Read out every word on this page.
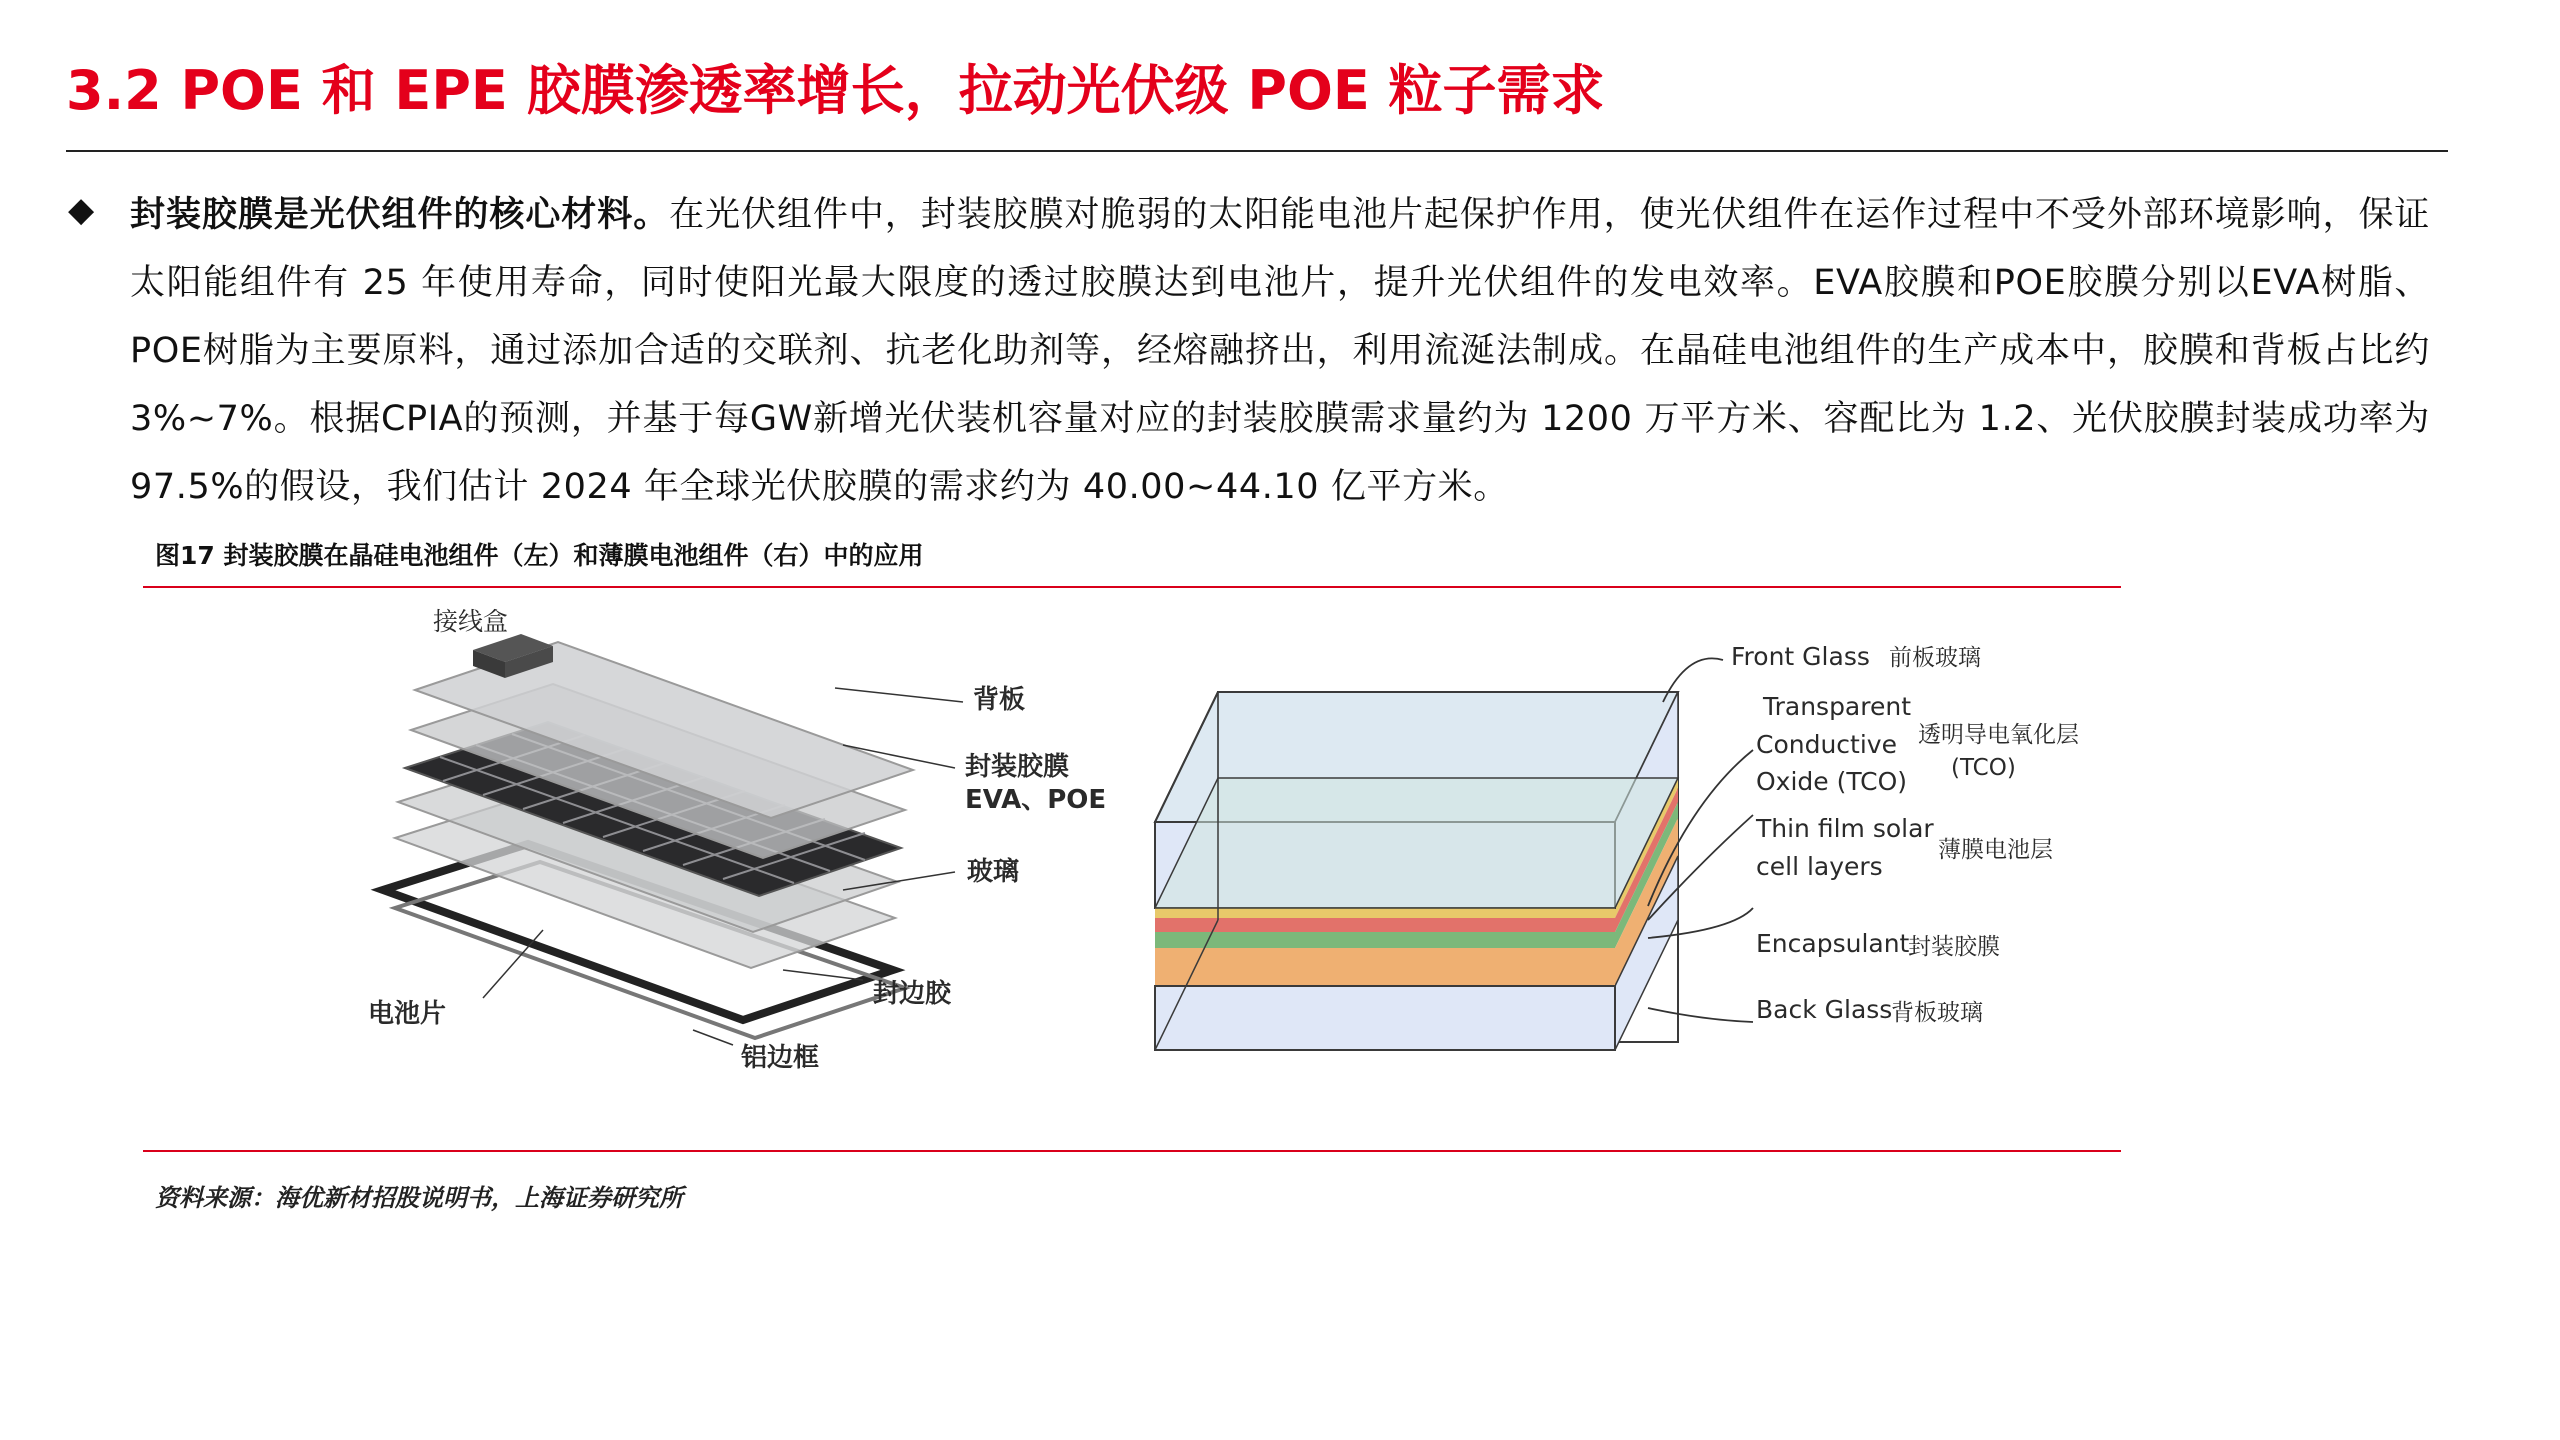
3.2 POE 和 EPE 胶膜渗透率增长，拉动光伏级 POE 粒子需求
◆ 封装胶膜是光伏组件的核心材料。在光伏组件中，封装胶膜对脆弱的太阳能电池片起保护作用，使光伏组件在运作过程中不受外部环境影响，保证太阳能组件有 25 年使用寿命，同时使阳光最大限度的透过胶膜达到电池片，提升光伏组件的发电效率。EVA胶膜和POE胶膜分别以EVA树脂、POE树脂为主要原料，通过添加合适的交联剂、抗老化助剂等，经熔融挤出，利用流涎法制成。在晶硅电池组件的生产成本中，胶膜和背板占比约 3%~7%。根据CPIA的预测，并基于每GW新增光伏装机容量对应的封装胶膜需求量约为 1200 万平方米、容配比为 1.2、光伏胶膜封装成功率为97.5%的假设，我们估计 2024 年全球光伏胶膜的需求约为 40.00~44.10 亿平方米。
图17 封装胶膜在晶硅电池组件（左）和薄膜电池组件（右）中的应用
接线盒
背板
封装胶膜
EVA、POE
玻璃
电池片
封边胶
铝边框
Front Glass 前板玻璃
Transparent
Conductive
Oxide (TCO)
透明导电氧化层
(TCO)
Thin film solar
cell layers
薄膜电池层
Encapsulant
封装胶膜
Back Glass
背板玻璃
资料来源：海优新材招股说明书，上海证券研究所
